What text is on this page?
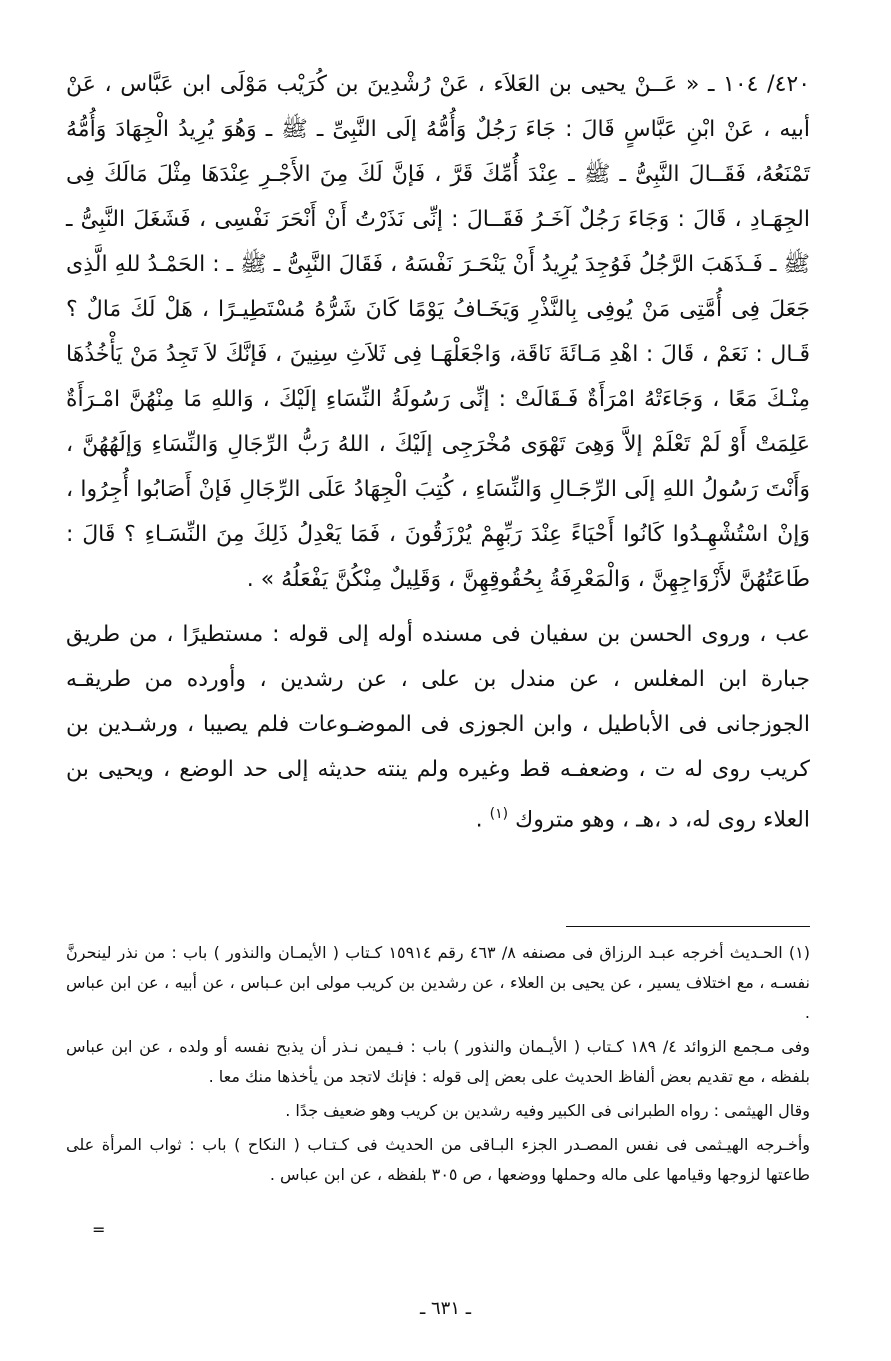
٤٢٠/ ١٠٤ ـ « عَــنْ يحيى بن العَلاَء ، عَنْ رُشْدِينَ بن كُرَيْب مَوْلَى ابن عَبَّاس ، عَنْ أبيه ، عَنْ ابْنِ عَبَّاسٍ قَالَ : جَاءَ رَجُلٌ وَأُمُّهُ إلَى النَّبِىِّ ـ ﷺ ـ وَهُوَ يُرِيدُ الْجِهَادَ وَأُمُّهُ تَمْنَعُهُ، فَقَــالَ النَّبِىُّ ـ ﷺ ـ عِنْدَ أُمِّكَ قَرَّ ، فَإنَّ لَكَ مِنَ الأَجْـرِ عِنْدَهَا مِثْلَ مَالَكَ فِى الجِهَـادِ ، قَالَ : وَجَاءَ رَجُلٌ آخَـرُ فَقَــالَ : إنِّى نَذَرْتُ أَنْ أَنْحَرَ نَفْسِى ، فَشَغَلَ النَّبِىُّ ـ ﷺ ـ فَـذَهَبَ الرَّجُلُ فَوُجِدَ يُرِيدُ أَنْ يَنْحَـرَ نَفْسَهُ ، فَقَالَ النَّبِىُّ ـ ﷺ ـ : الحَمْـدُ للهِ الَّذِى جَعَلَ فِى أُمَّتِى مَنْ يُوفِى بِالنَّذْرِ وَيَخَـافُ يَوْمًا كَانَ شَرُّهُ مُسْتَطِيـرًا ، هَلْ لَكَ مَالٌ ؟ قَـال : نَعَمْ ، قَالَ : اهْدِ مَـائَةَ نَاقَة، وَاجْعَلْهَـا فِى ثَلاَثِ سِنِينَ ، فَإنَّكَ لاَ تَجِدُ مَنْ يَأْخُذُهَا مِنْـكَ مَعًا ، وَجَاءَتْهُ امْرَأَةٌ فَـقَالَتْ : إنِّى رَسُولَةُ النِّسَاءِ إلَيْكَ ، وَاللهِ مَا مِنْهُنَّ امْـرَأَةٌ عَلِمَتْ أَوْ لَمْ تَعْلَمْ إلاَّ وَهِىَ تَهْوَى مُخْرَجِى إلَيْكَ ، اللهُ رَبُّ الرِّجَالِ وَالنِّسَاءِ وَإلَهُهُنَّ ، وَأَنْتَ رَسُولُ اللهِ إلَى الرِّجَـالِ وَالنِّسَاءِ ، كُتِبَ الْجِهَادُ عَلَى الرِّجَالِ فَإنْ أَصَابُوا أُجِرُوا ، وَإنْ اسْتُشْهِـدُوا كَانُوا أَحْيَاءً عِنْدَ رَبِّهِمْ يُرْزَقُونَ ، فَمَا يَعْدِلُ ذَلِكَ مِنَ النِّسَـاءِ ؟ قَالَ : طَاعَتُهُنَّ لأَزْوَاجِهِنَّ ، وَالْمَعْرِفَةُ بِحُقُوقِهِنَّ ، وَقَلِيلٌ مِنْكُنَّ يَفْعَلُهُ » .

عب ، وروى الحسن بن سفيان فى مسنده أوله إلى قوله : مستطيرًا ، من طريق جبارة ابن المغلس ، عن مندل بن على ، عن رشدين ، وأورده من طريقـه الجوزجانى فى الأباطيل ، وابن الجوزى فى الموضـوعات فلم يصيبا ، ورشـدين بن كريب روى له ت ، وضعفـه قط وغيره ولم ينته حديثه إلى حد الوضع ، ويحيى بن العلاء روى له، د ،هـ ، وهو متروك $^{(١)}$ .

(١) الحـديث أخرجه عبـد الرزاق فى مصنفه ٨/ ٤٦٣ رقم ١٥٩١٤ كـتاب ( الأيمـان والنذور ) باب : من نذر لينحرنَّ نفسـه ، مع اختلاف يسير ، عن يحيى بن العلاء ، عن رشدين بن كريب مولى ابن عـباس ، عن أبيه ، عن ابن عباس .

وفى مـجمع الزوائد ٤/ ١٨٩ كـتاب ( الأيـمان والنذور ) باب : فـيمن نـذر أن يذبح نفسه أو ولده ، عن ابن عباس بلفظه ، مع تقديم بعض ألفاظ الحديث على بعض إلى قوله : فإنك لاتجد من يأخذها منك معا .

وقال الهيثمى : رواه الطبرانى فى الكبير وفيه رشدين بن كريب وهو ضعيف جدًا .

وأخـرجه الهيـثمى فى نفس المصـدر الجزء البـاقى من الحديث فى كـتـاب ( النكاح ) باب : ثواب المرأة على طاعتها لزوجها وقيامها على ماله وحملها ووضعها ، ص ٣٠٥ بلفظه ، عن ابن عباس .

=
ـ ٦٣١ ـ
